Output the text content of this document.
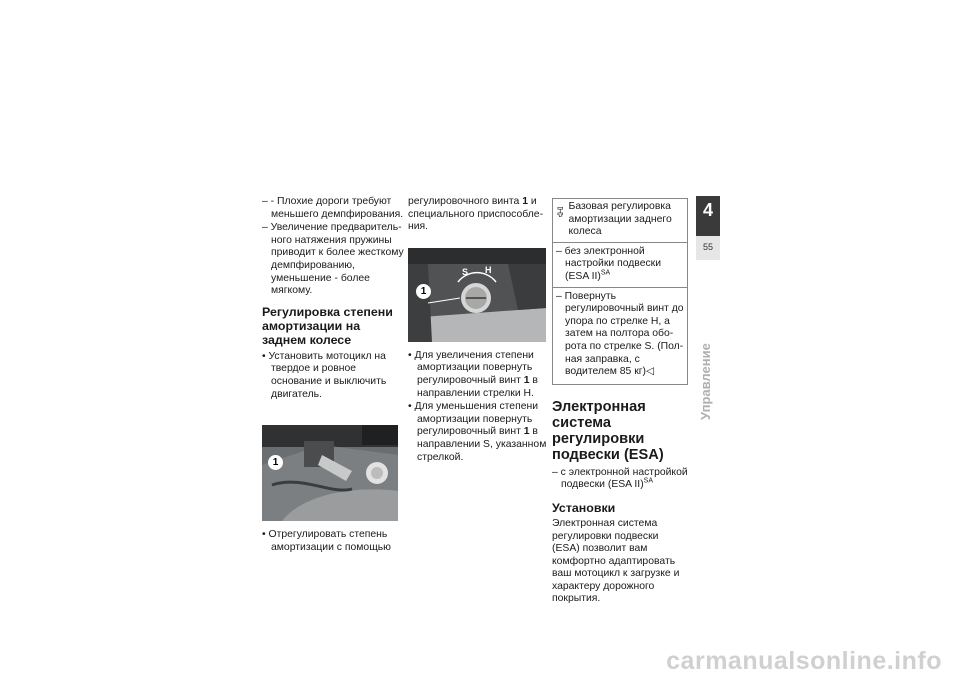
– - Плохие дороги требуют меньшего демпфирования.

– Увеличение предварительного натяжения пружины приводит к более жесткому демпфированию, уменьшение - более мягкому.

Регулировка степени амортизации на заднем колесе

• Установить мотоцикл на твердое и ровное основание и выключить двигатель.

1

• Отрегулировать степень амортизации с помощью

регулировочного винта 1 и специального приспособления.

1
S H

• Для увеличения степени амортизации повернуть регулировочный винт 1 в направлении стрелки H.

• Для уменьшения степени амортизации повернуть регулировочный винт 1 в направлении S, указанном стрелкой.

Базовая регулировка амортизации заднего колеса

– без электронной настройки подвески (ESA II)$^{SA}$

– Повернуть регулировочный винт до упора по стрелке H, а затем на полтора оборота по стрелке S. (Полная заправка, с водителем 85 кг)◁

Электронная система регулировки подвески (ESA)

– с электронной настройкой подвески (ESA II)$^{SA}$

Установки

Электронная система регулировки подвески (ESA) позволит вам комфортно адаптировать ваш мотоцикл к загрузке и характеру дорожного покрытия.

4
55
Управление
carmanualsonline.info
